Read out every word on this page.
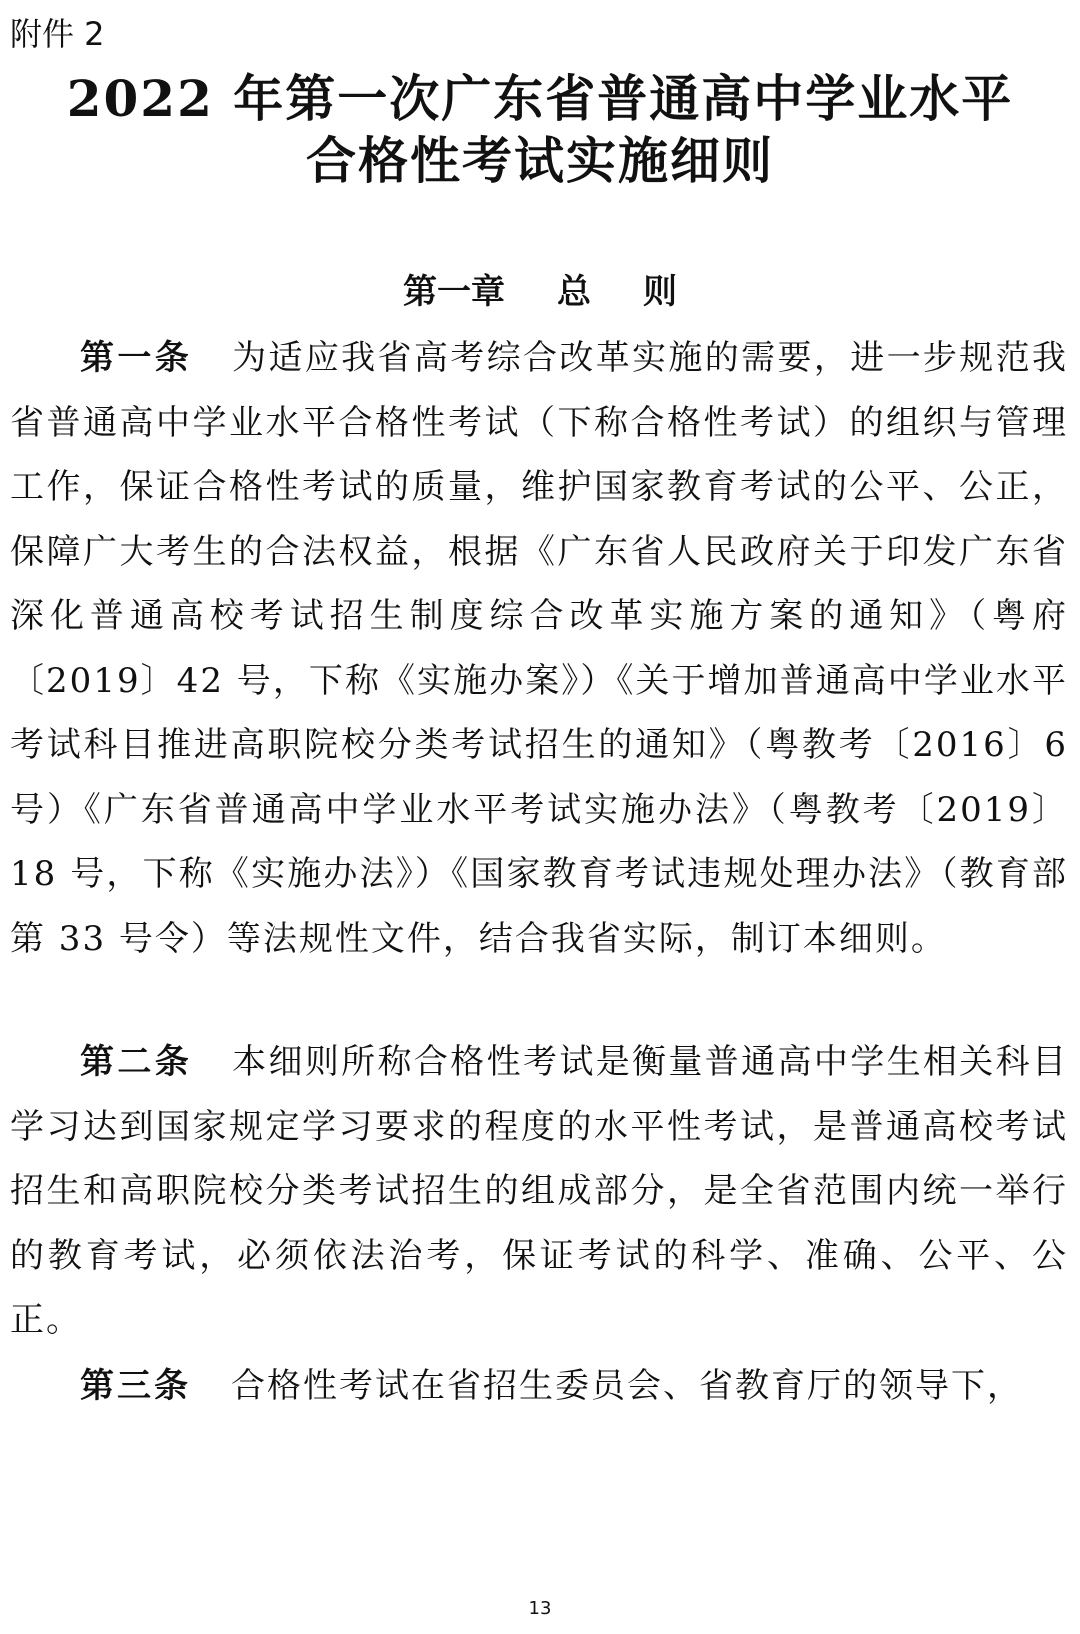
附件 2
2022 年第一次广东省普通高中学业水平
合格性考试实施细则
第一章 总 则

第一条 为适应我省高考综合改革实施的需要，进一步规范我省普通高中学业水平合格性考试（下称合格性考试）的组织与管理工作，保证合格性考试的质量，维护国家教育考试的公平、公正，保障广大考生的合法权益，根据《广东省人民政府关于印发广东省深化普通高校考试招生制度综合改革实施方案的通知》（粤府〔2019〕42 号，下称《实施办案》）《关于增加普通高中学业水平考试科目推进高职院校分类考试招生的通知》（粤教考〔2016〕6 号）《广东省普通高中学业水平考试实施办法》（粤教考〔2019〕18 号，下称《实施办法》）《国家教育考试违规处理办法》（教育部第 33 号令）等法规性文件，结合我省实际，制订本细则。

第二条 本细则所称合格性考试是衡量普通高中学生相关科目学习达到国家规定学习要求的程度的水平性考试，是普通高校考试招生和高职院校分类考试招生的组成部分，是全省范围内统一举行的教育考试，必须依法治考，保证考试的科学、准确、公平、公正。

第三条 合格性考试在省招生委员会、省教育厅的领导下，

13
